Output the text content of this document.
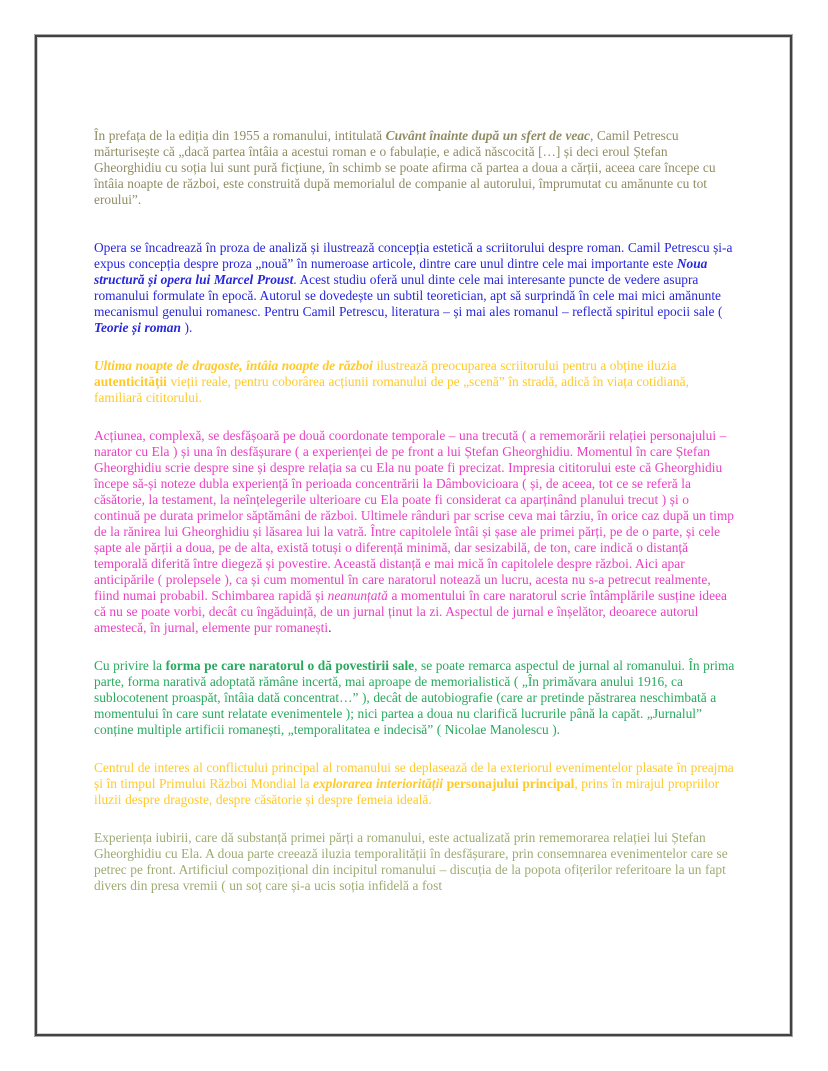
În prefața de la ediția din 1955 a romanului, intitulată Cuvânt înainte după un sfert de veac, Camil Petrescu mărturisește că „dacă partea întâia a acestui roman e o fabulație, e adică născocită […] și deci eroul Ștefan Gheorghidiu cu soția lui sunt pură ficțiune, în schimb se poate afirma că partea a doua a cărții, aceea care începe cu întâia noapte de război, este construită după memorialul de companie al autorului, împrumutat cu amănunte cu tot eroului”.

Opera se încadrează în proza de analiză și ilustrează concepția estetică a scriitorului despre roman. Camil Petrescu și-a expus concepția despre proza „nouă” în numeroase articole, dintre care unul dintre cele mai importante este Noua structură și opera lui Marcel Proust. Acest studiu oferă unul dinte cele mai interesante puncte de vedere asupra romanului formulate în epocă. Autorul se dovedește un subtil teoretician, apt să surprindă în cele mai mici amănunte mecanismul genului romanesc. Pentru Camil Petrescu, literatura – și mai ales romanul – reflectă spiritul epocii sale ( Teorie și roman ).

Ultima noapte de dragoste, întâia noapte de război ilustrează preocuparea scriitorului pentru a obține iluzia autenticității vieții reale, pentru coborârea acțiunii romanului de pe „scenă” în stradă, adică în viața cotidiană, familiară cititorului.

Acțiunea, complexă, se desfășoară pe două coordonate temporale – una trecută ( a rememorării relației personajului – narator cu Ela ) și una în desfășurare ( a experienței de pe front a lui Ștefan Gheorghidiu. Momentul în care Ștefan Gheorghidiu scrie despre sine și despre relația sa cu Ela nu poate fi precizat. Impresia cititorului este că Gheorghidiu începe să-și noteze dubla experiență în perioada concentrării la Dâmbovicioara ( și, de aceea, tot ce se referă la căsătorie, la testament, la neînțelegerile ulterioare cu Ela poate fi considerat ca aparținând planului trecut ) și o continuă pe durata primelor săptămâni de război. Ultimele rânduri par scrise ceva mai târziu, în orice caz după un timp de la rănirea lui Gheorghidiu și lăsarea lui la vatră. Între capitolele întâi și șase ale primei părți, pe de o parte, și cele șapte ale părții a doua, pe de alta, există totuși o diferență minimă, dar sesizabilă, de ton, care indică o distanță temporală diferită între diegeză și povestire. Această distanță e mai mică în capitolele despre război. Aici apar anticipările ( prolepsele ), ca și cum momentul în care naratorul notează un lucru, acesta nu s-a petrecut realmente, fiind numai probabil. Schimbarea rapidă și neanunțată a momentului în care naratorul scrie întâmplările susține ideea că nu se poate vorbi, decât cu îngăduință, de un jurnal ținut la zi. Aspectul de jurnal e înșelător, deoarece autorul amestecă, în jurnal, elemente pur romanești.

Cu privire la forma pe care naratorul o dă povestirii sale, se poate remarca aspectul de jurnal al romanului. În prima parte, forma narativă adoptată rămâne incertă, mai aproape de memorialistică ( „În primăvara anului 1916, ca sublocotenent proaspăt, întâia dată concentrat…” ), decât de autobiografie (care ar pretinde păstrarea neschimbată a momentului în care sunt relatate evenimentele ); nici partea a doua nu clarifică lucrurile până la capăt. „Jurnalul” conține multiple artificii romanești, „temporalitatea e indecisă” ( Nicolae Manolescu ).

Centrul de interes al conflictului principal al romanului se deplasează de la exteriorul evenimentelor plasate în preajma și în timpul Primului Război Mondial la explorarea interiorității personajului principal, prins în mirajul propriilor iluzii despre dragoste, despre căsătorie și despre femeia ideală.

Experiența iubirii, care dă substanță primei părți a romanului, este actualizată prin rememorarea relației lui Ștefan Gheorghidiu cu Ela. A doua parte creează iluzia temporalității în desfășurare, prin consemnarea evenimentelor care se petrec pe front. Artificiul compozițional din incipitul romanului – discuția de la popota ofițerilor referitoare la un fapt divers din presa vremii ( un soț care și-a ucis soția infidelă a fost
